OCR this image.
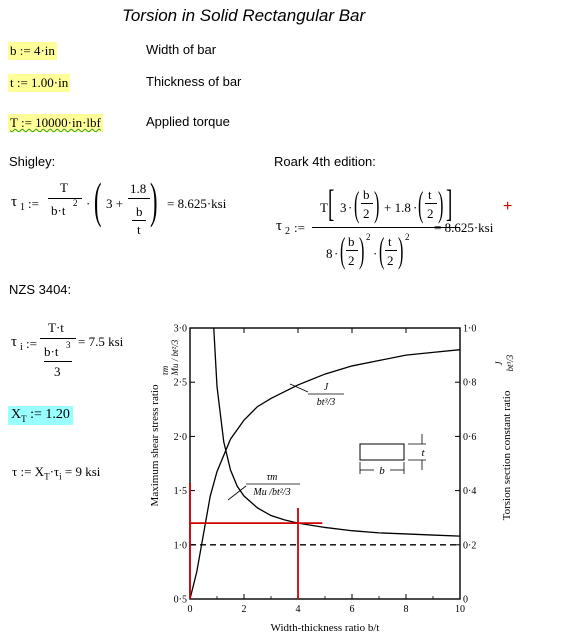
Torsion in Solid Rectangular Bar
b := 4·in	Width of bar
t := 1.00·in	Thickness of bar
T := 10000·in·lbf	Applied torque
Shigley:	Roark 4th edition:
τ 1 :=
T
b·t 2 · ( 3 +
1.8
b
t
) = 8.625·ksi
τ 2 :=
T [ 3 · ( b
2 ) + 1.8 · ( t
2 ) ]
8 · ( b
2 ) 2
· ( t
2 ) 2
= 8.625·ksi
+
NZS 3404:
τ i :=
T·t
b·t 3
3
= 7.5 ksi
$X_T$ := 1.20
τ := $X_T\cdot\tau_i = 9$ ksi
0	2	4	6	8	10
0·5
1·0
1·5
2·0
2·5
3·0
0
0·2
0·4
0·6
0·8
1·0
J
bt³/3
τm
Mu /bt²/3
b
t
Width-thickness ratio b/t
Maximum shear stress ratio
τm Mu / bt²/3
Torsion section constant ratio
J bt³/3
